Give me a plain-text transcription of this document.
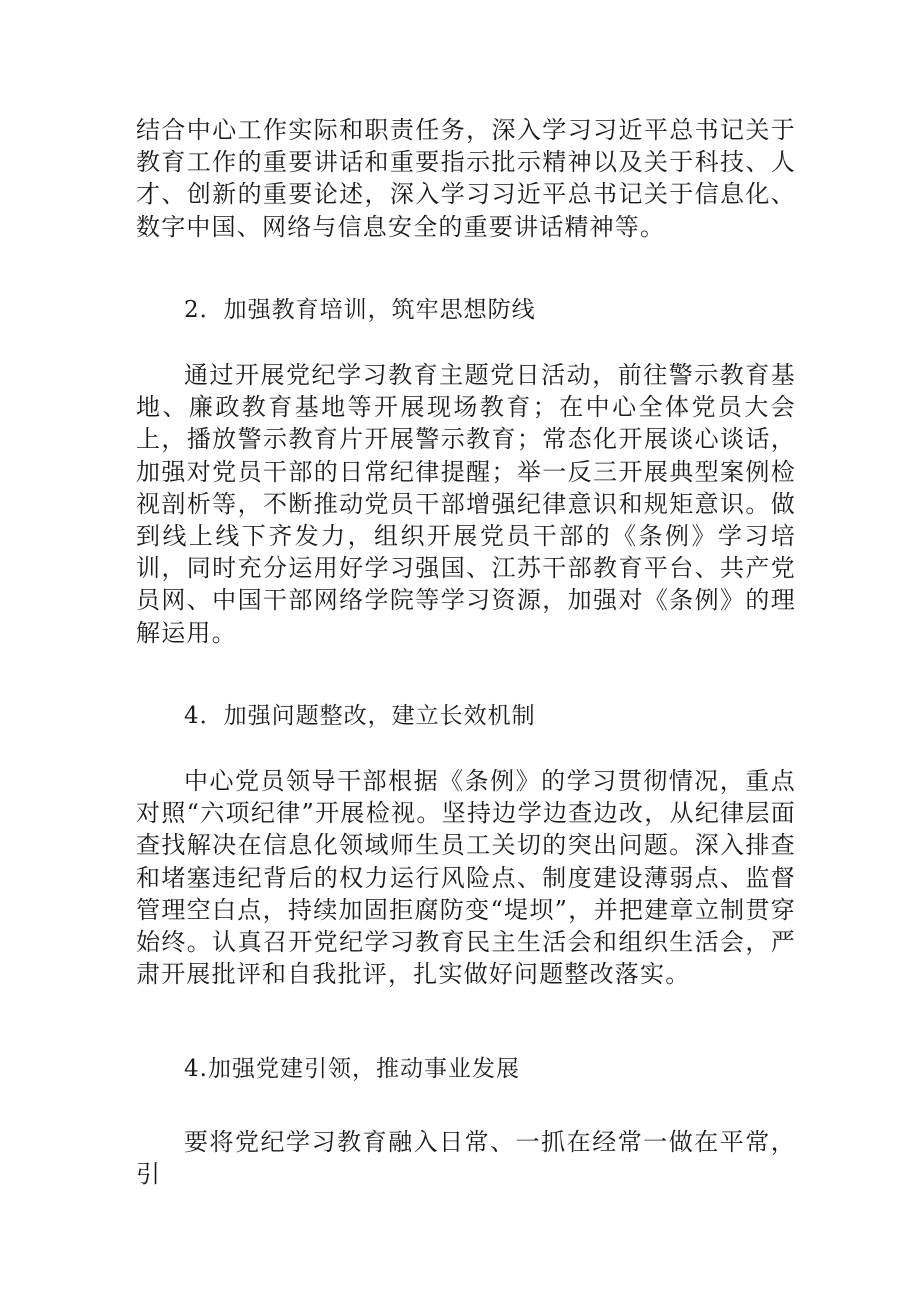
结合中心工作实际和职责任务，深入学习习近平总书记关于教育工作的重要讲话和重要指示批示精神以及关于科技、人才、创新的重要论述，深入学习习近平总书记关于信息化、数字中国、网络与信息安全的重要讲话精神等。

2．加强教育培训，筑牢思想防线

通过开展党纪学习教育主题党日活动，前往警示教育基地、廉政教育基地等开展现场教育；在中心全体党员大会上，播放警示教育片开展警示教育；常态化开展谈心谈话，加强对党员干部的日常纪律提醒；举一反三开展典型案例检视剖析等，不断推动党员干部增强纪律意识和规矩意识。做到线上线下齐发力，组织开展党员干部的《条例》学习培训，同时充分运用好学习强国、江苏干部教育平台、共产党员网、中国干部网络学院等学习资源，加强对《条例》的理解运用。

4．加强问题整改，建立长效机制

中心党员领导干部根据《条例》的学习贯彻情况，重点对照“六项纪律”开展检视。坚持边学边查边改，从纪律层面查找解决在信息化领域师生员工关切的突出问题。深入排查和堵塞违纪背后的权力运行风险点、制度建设薄弱点、监督管理空白点，持续加固拒腐防变“堤坝”，并把建章立制贯穿始终。认真召开党纪学习教育民主生活会和组织生活会，严肃开展批评和自我批评，扎实做好问题整改落实。

4.加强党建引领，推动事业发展

要将党纪学习教育融入日常、一抓在经常一做在平常，引
